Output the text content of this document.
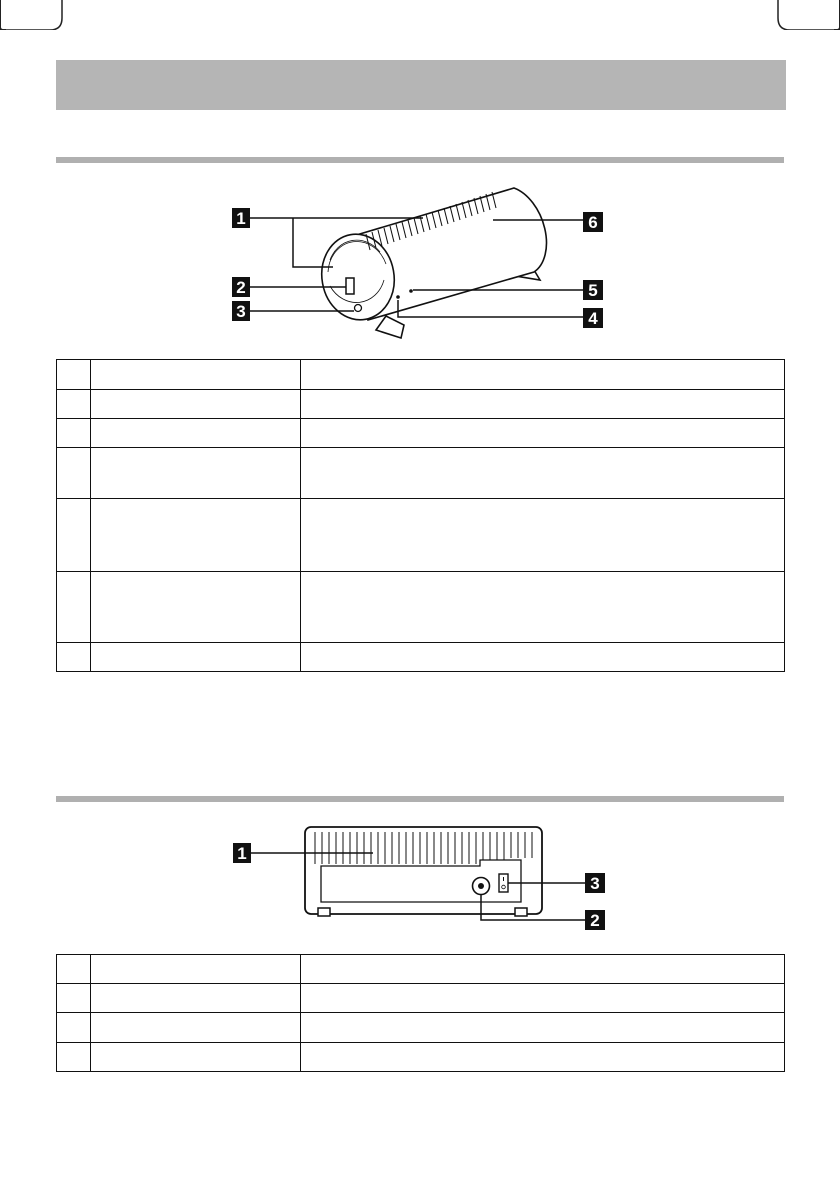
1
2
3	4
5
6

1
2
3
